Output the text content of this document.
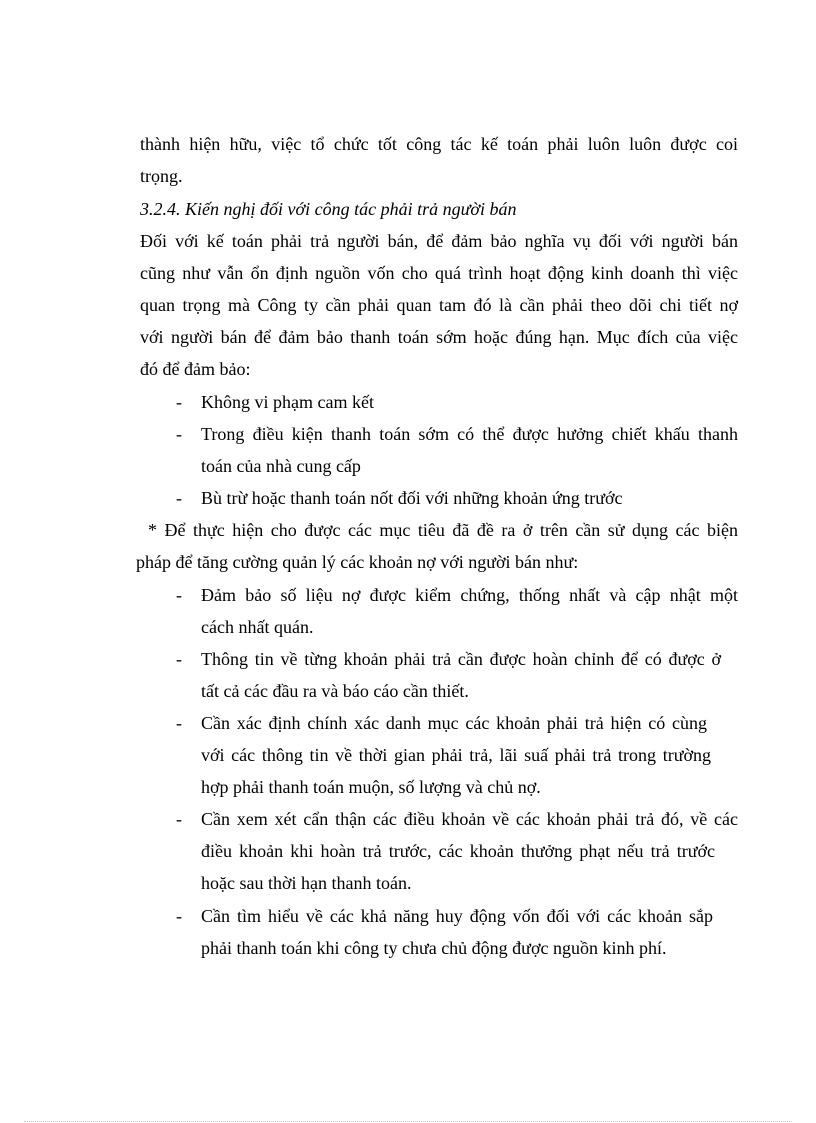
thành hiện hữu, việc tổ chức tốt công tác kế toán phải luôn luôn được coi
trọng.
3.2.4. Kiến nghị đối với công tác phải trả người bán
Đối với kế toán phải trả người bán, để đảm bảo nghĩa vụ đối với người bán
cũng như vẫn ổn định nguồn vốn cho quá trình hoạt động kinh doanh thì việc
quan trọng mà Công ty cần phải quan tam đó là cần phải theo dõi chi tiết nợ
với người bán để đảm bảo thanh toán sớm hoặc đúng hạn. Mục đích của việc
đó để đảm bảo:
- Không vi phạm cam kết
- Trong điều kiện thanh toán sớm có thể được hưởng chiết khấu thanh
toán của nhà cung cấp
- Bù trừ hoặc thanh toán nốt đối với những khoản ứng trước
* Để thực hiện cho được các mục tiêu đã đề ra ở trên cần sử dụng các biện
pháp để tăng cường quản lý các khoản nợ với người bán như:
- Đảm bảo số liệu nợ được kiểm chứng, thống nhất và cập nhật một
cách nhất quán.
- Thông tin về từng khoản phải trả cần được hoàn chỉnh để có được ở
tất cả các đầu ra và báo cáo cần thiết.
- Cần xác định chính xác danh mục các khoản phải trả hiện có cùng
với các thông tin về thời gian phải trả, lãi suấ phải trả trong trường
hợp phải thanh toán muộn, số lượng và chủ nợ.
- Cần xem xét cẩn thận các điều khoản về các khoản phải trả đó, về các
điều khoản khi hoàn trả trước, các khoản thưởng phạt nếu trả trước
hoặc sau thời hạn thanh toán.
- Cần tìm hiểu về các khả năng huy động vốn đối với các khoản sắp
phải thanh toán khi công ty chưa chủ động được nguồn kinh phí.
